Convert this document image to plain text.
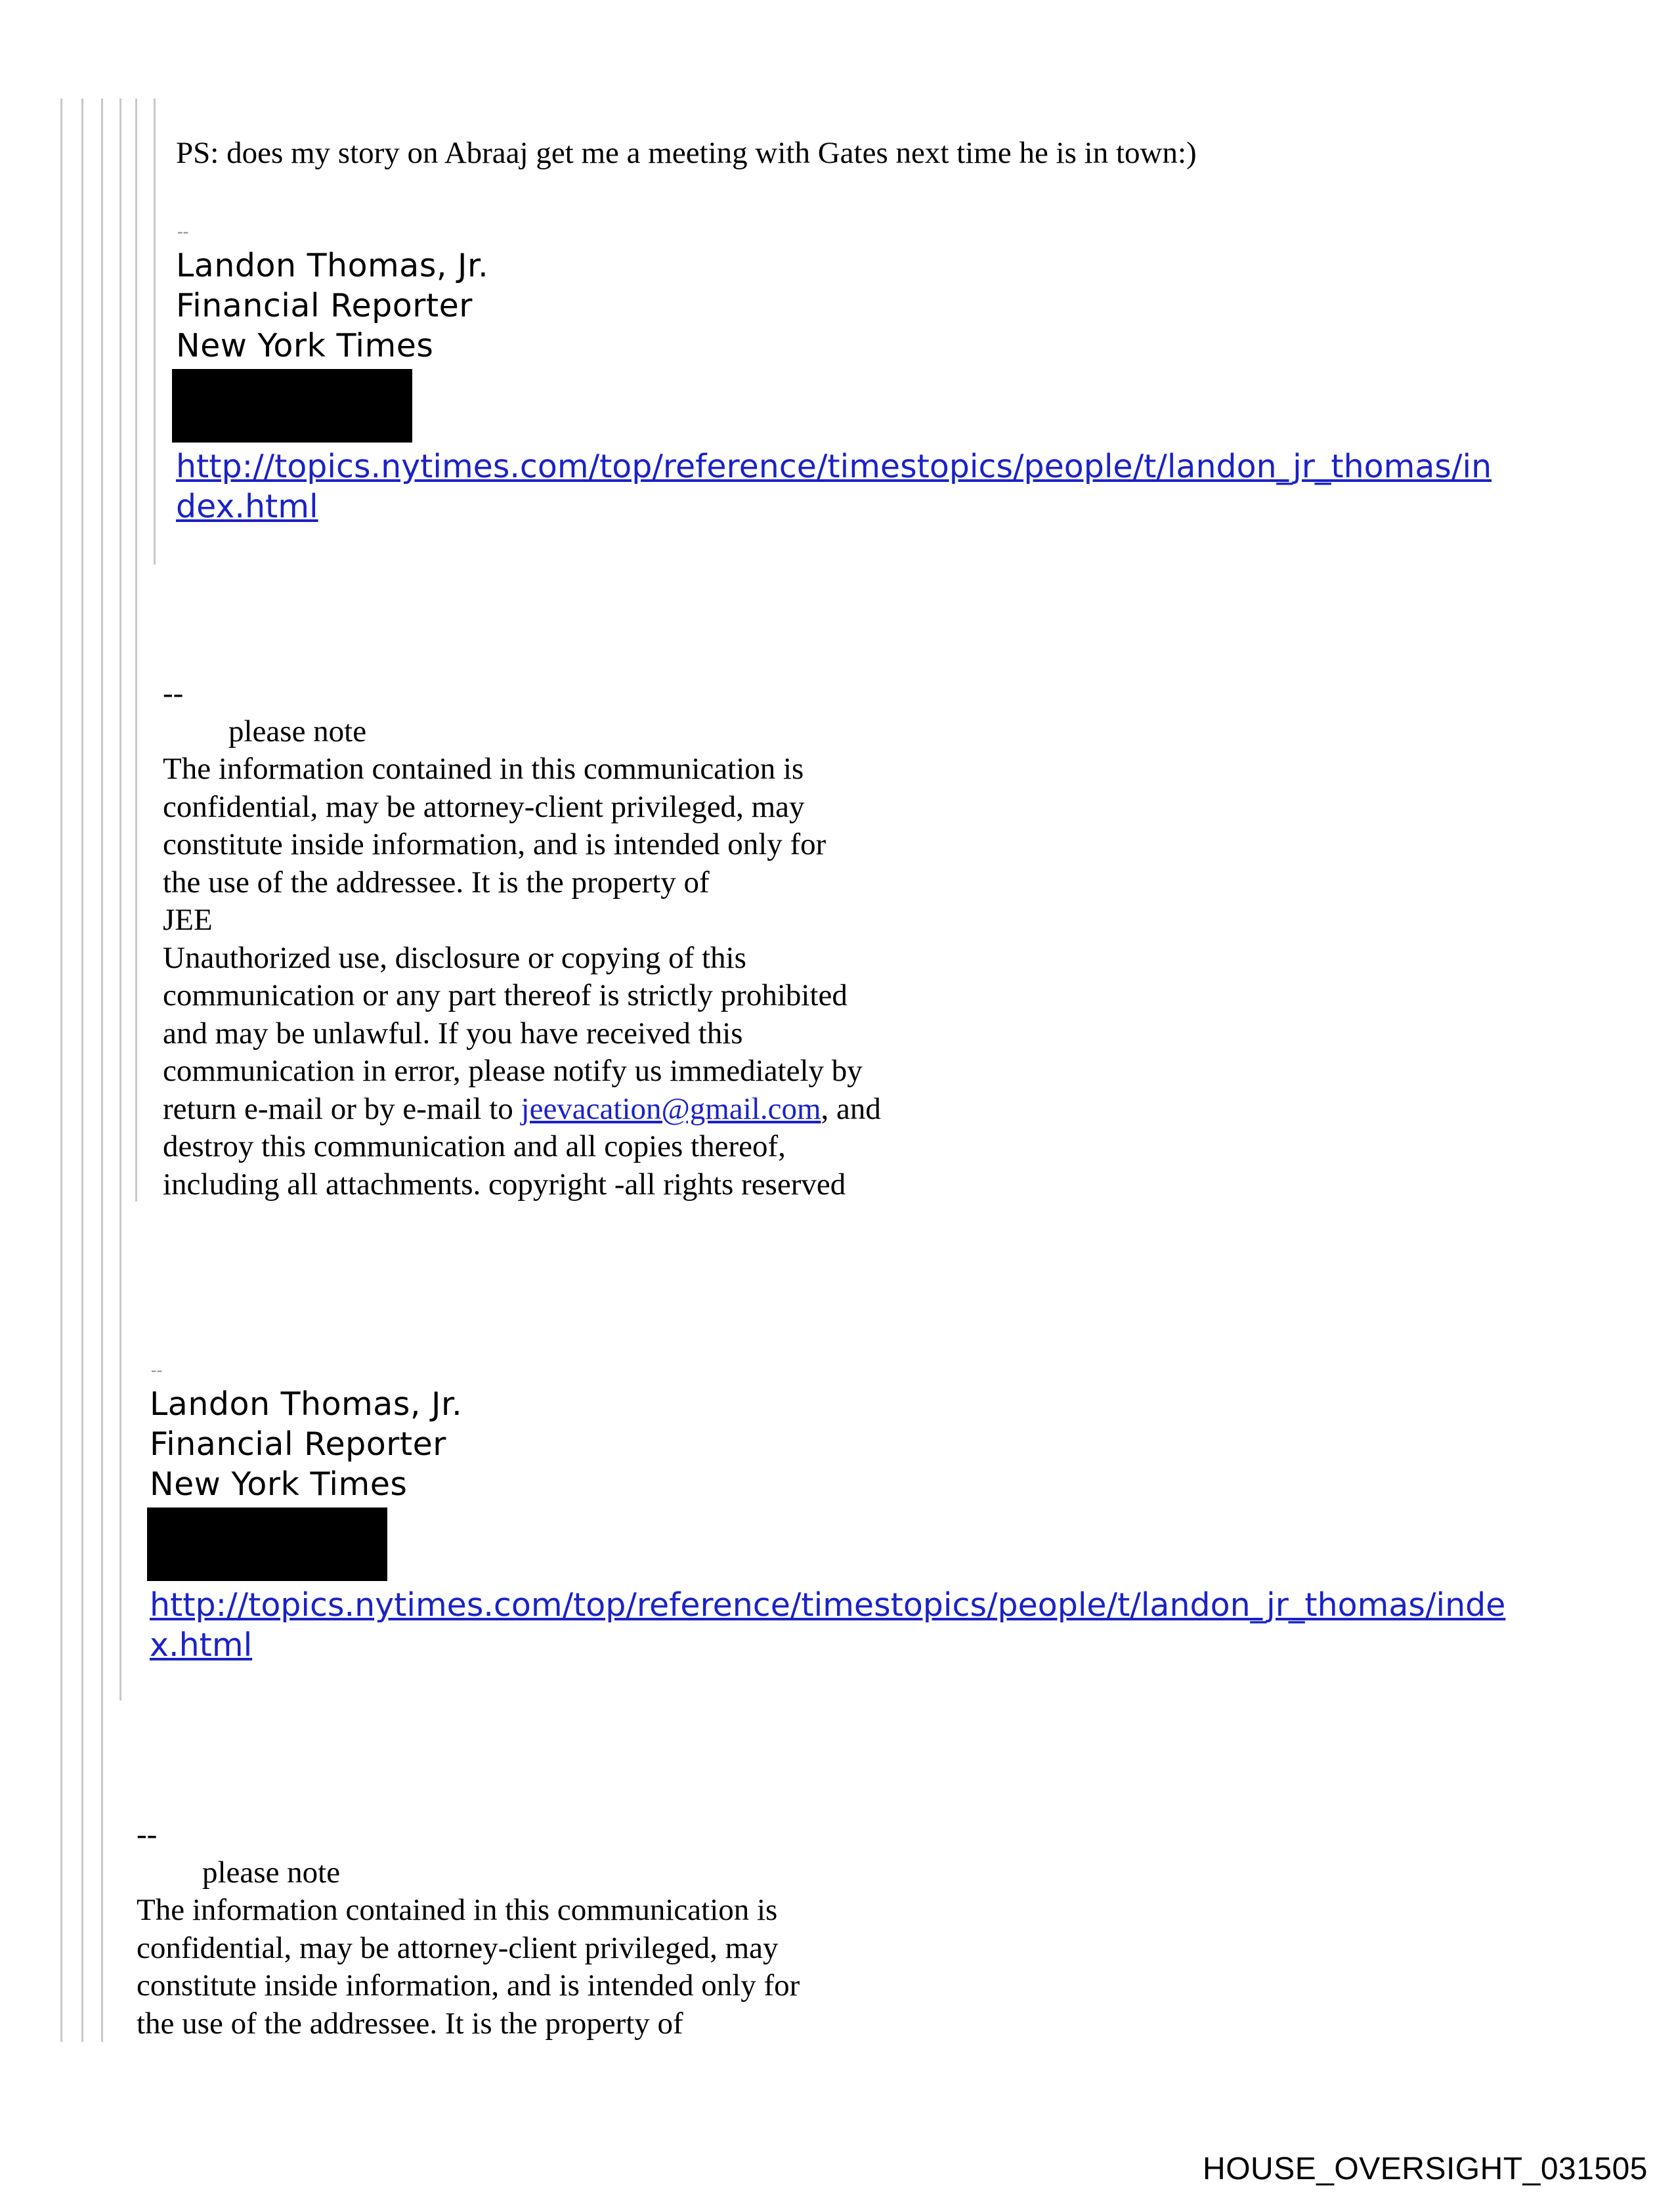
PS: does my story on Abraaj get me a meeting with Gates next time he is in town:)
--
Landon Thomas, Jr.
Financial Reporter
New York Times
http://topics.nytimes.com/top/reference/timestopics/people/t/landon_jr_thomas/in
dex.html
--
please note
The information contained in this communication is
confidential, may be attorney-client privileged, may
constitute inside information, and is intended only for
the use of the addressee. It is the property of
JEE
Unauthorized use, disclosure or copying of this
communication or any part thereof is strictly prohibited
and may be unlawful. If you have received this
communication in error, please notify us immediately by
return e-mail or by e-mail to jeevacation@gmail.com, and
destroy this communication and all copies thereof,
including all attachments. copyright -all rights reserved
--
Landon Thomas, Jr.
Financial Reporter
New York Times
http://topics.nytimes.com/top/reference/timestopics/people/t/landon_jr_thomas/inde
x.html
--
please note
The information contained in this communication is
confidential, may be attorney-client privileged, may
constitute inside information, and is intended only for
the use of the addressee. It is the property of
HOUSE_OVERSIGHT_031505
